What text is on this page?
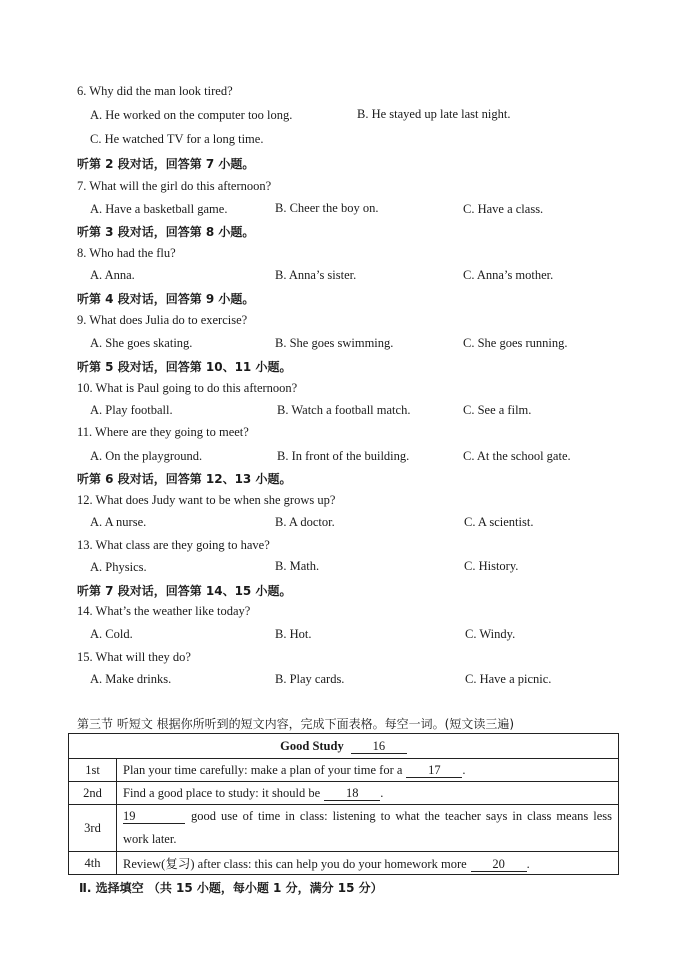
6. Why did the man look tired?
A. He worked on the computer too long.	B. He stayed up late last night.
C. He watched TV for a long time.
听第 2 段对话，回答第 7 小题。
7. What will the girl do this afternoon?
A. Have a basketball game.	B. Cheer the boy on.	C. Have a class.
听第 3 段对话，回答第 8 小题。
8. Who had the flu?
A. Anna.	B. Anna’s sister.	C. Anna’s mother.
听第 4 段对话，回答第 9 小题。
9. What does Julia do to exercise?
A. She goes skating.	B. She goes swimming.	C. She goes running.
听第 5 段对话，回答第 10、11 小题。
10. What is Paul going to do this afternoon?
A. Play football.	B. Watch a football match.	C. See a film.
11. Where are they going to meet?
A. On the playground.	B. In front of the building.	C. At the school gate.
听第 6 段对话，回答第 12、13 小题。
12. What does Judy want to be when she grows up?
A. A nurse.	B. A doctor.	C. A scientist.
13. What class are they going to have?
A. Physics.	B. Math.	C. History.
听第 7 段对话，回答第 14、15 小题。
14. What’s the weather like today?
A. Cold.	B. Hot.	C. Windy.
15. What will they do?
A. Make drinks.	B. Play cards.	C. Have a picnic.
第三节 听短文 根据你所听到的短文内容，完成下面表格。每空一词。(短文读三遍)
Good Study 16	
1st	Plan your time carefully: make a plan of your time for a 17 .
2nd	Find a good place to study: it should be 18 .
3rd	19 good use of time in class: listening to what the teacher says in class means less work later.

4th	Review(复习) after class: this can help you do your homework more 20 .
Ⅱ. 选择填空 （共 15 小题，每小题 1 分，满分 15 分）
